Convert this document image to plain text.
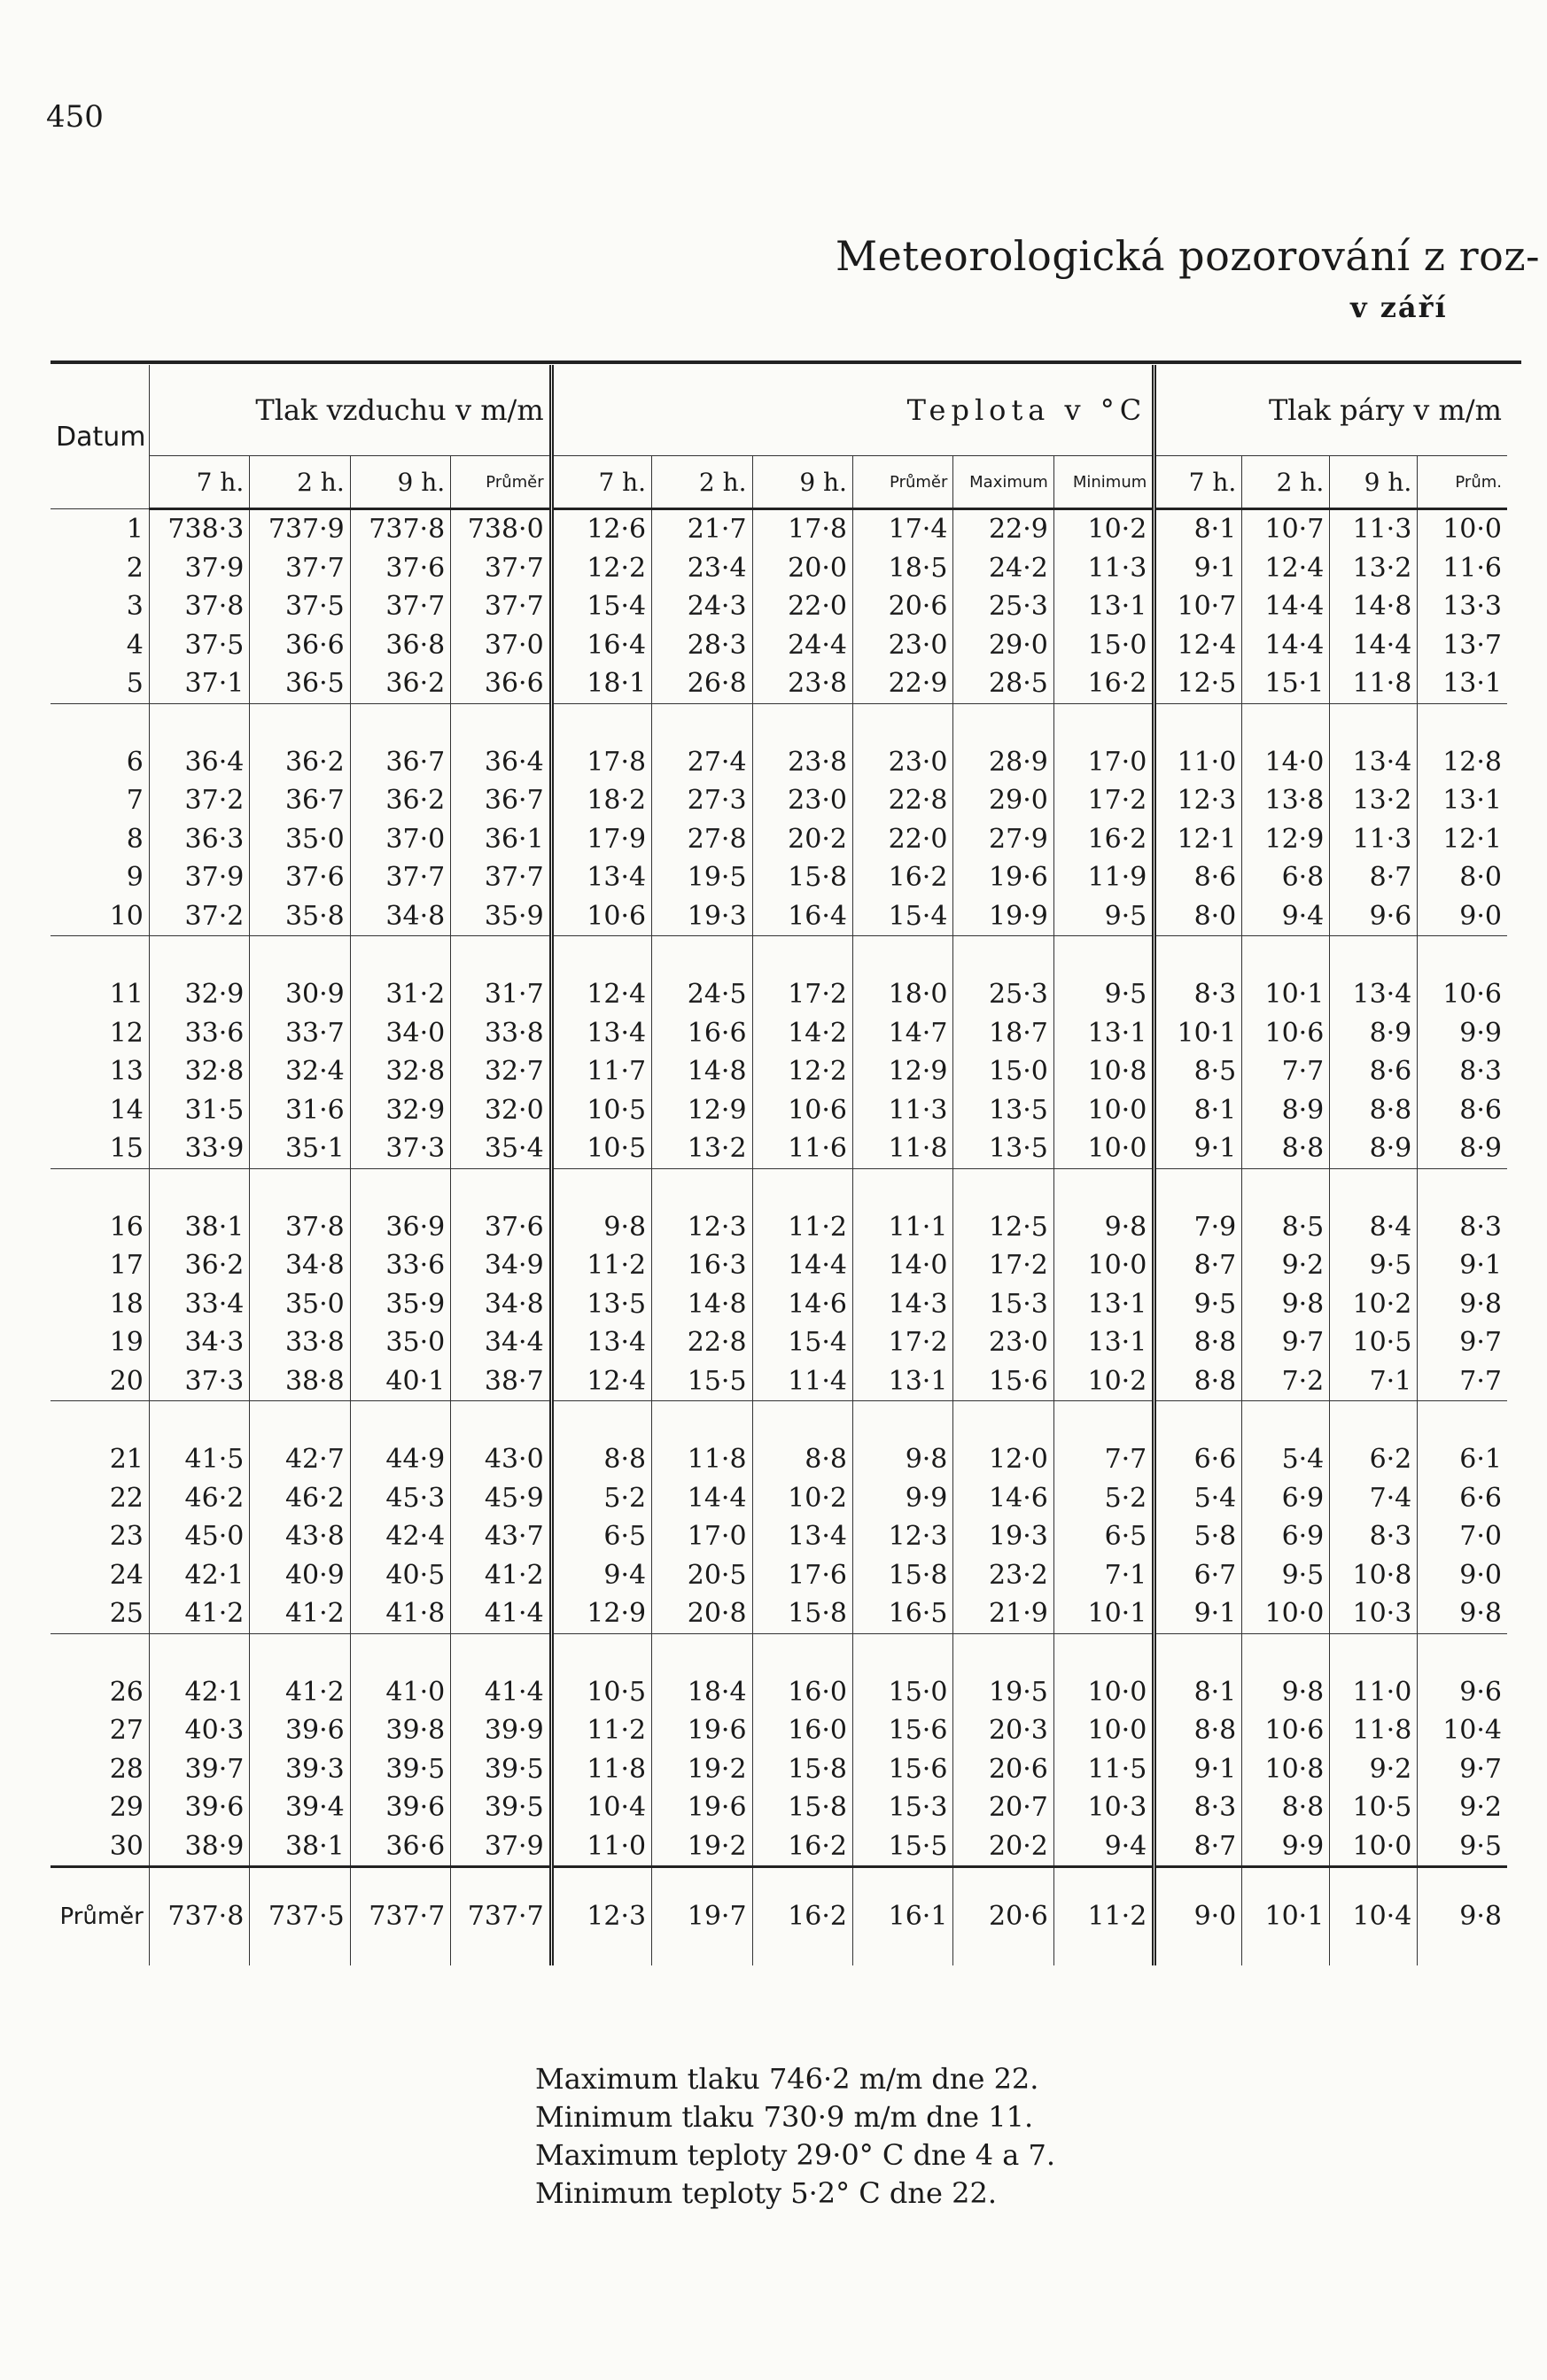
450
Meteorologická pozorování z roz-
v září
Datum	Tlak vzduchu v m/m				Teplota v °C						Tlak páry v m/m			
	7 h.	2 h.	9 h.	Průměr	7 h.	2 h.	9 h.	Průměr	Maximum	Minimum	7 h.	2 h.	9 h.	Prům.
1	738·3	737·9	737·8	738·0	12·6	21·7	17·8	17·4	22·9	10·2	8·1	10·7	11·3	10·0
2	37·9	37·7	37·6	37·7	12·2	23·4	20·0	18·5	24·2	11·3	9·1	12·4	13·2	11·6
3	37·8	37·5	37·7	37·7	15·4	24·3	22·0	20·6	25·3	13·1	10·7	14·4	14·8	13·3
4	37·5	36·6	36·8	37·0	16·4	28·3	24·4	23·0	29·0	15·0	12·4	14·4	14·4	13·7
5	37·1	36·5	36·2	36·6	18·1	26·8	23·8	22·9	28·5	16·2	12·5	15·1	11·8	13·1

6	36·4	36·2	36·7	36·4	17·8	27·4	23·8	23·0	28·9	17·0	11·0	14·0	13·4	12·8
7	37·2	36·7	36·2	36·7	18·2	27·3	23·0	22·8	29·0	17·2	12·3	13·8	13·2	13·1
8	36·3	35·0	37·0	36·1	17·9	27·8	20·2	22·0	27·9	16·2	12·1	12·9	11·3	12·1
9	37·9	37·6	37·7	37·7	13·4	19·5	15·8	16·2	19·6	11·9	8·6	6·8	8·7	8·0
10	37·2	35·8	34·8	35·9	10·6	19·3	16·4	15·4	19·9	9·5	8·0	9·4	9·6	9·0

11	32·9	30·9	31·2	31·7	12·4	24·5	17·2	18·0	25·3	9·5	8·3	10·1	13·4	10·6
12	33·6	33·7	34·0	33·8	13·4	16·6	14·2	14·7	18·7	13·1	10·1	10·6	8·9	9·9
13	32·8	32·4	32·8	32·7	11·7	14·8	12·2	12·9	15·0	10·8	8·5	7·7	8·6	8·3
14	31·5	31·6	32·9	32·0	10·5	12·9	10·6	11·3	13·5	10·0	8·1	8·9	8·8	8·6
15	33·9	35·1	37·3	35·4	10·5	13·2	11·6	11·8	13·5	10·0	9·1	8·8	8·9	8·9

16	38·1	37·8	36·9	37·6	9·8	12·3	11·2	11·1	12·5	9·8	7·9	8·5	8·4	8·3
17	36·2	34·8	33·6	34·9	11·2	16·3	14·4	14·0	17·2	10·0	8·7	9·2	9·5	9·1
18	33·4	35·0	35·9	34·8	13·5	14·8	14·6	14·3	15·3	13·1	9·5	9·8	10·2	9·8
19	34·3	33·8	35·0	34·4	13·4	22·8	15·4	17·2	23·0	13·1	8·8	9·7	10·5	9·7
20	37·3	38·8	40·1	38·7	12·4	15·5	11·4	13·1	15·6	10·2	8·8	7·2	7·1	7·7

21	41·5	42·7	44·9	43·0	8·8	11·8	8·8	9·8	12·0	7·7	6·6	5·4	6·2	6·1
22	46·2	46·2	45·3	45·9	5·2	14·4	10·2	9·9	14·6	5·2	5·4	6·9	7·4	6·6
23	45·0	43·8	42·4	43·7	6·5	17·0	13·4	12·3	19·3	6·5	5·8	6·9	8·3	7·0
24	42·1	40·9	40·5	41·2	9·4	20·5	17·6	15·8	23·2	7·1	6·7	9·5	10·8	9·0
25	41·2	41·2	41·8	41·4	12·9	20·8	15·8	16·5	21·9	10·1	9·1	10·0	10·3	9·8

26	42·1	41·2	41·0	41·4	10·5	18·4	16·0	15·0	19·5	10·0	8·1	9·8	11·0	9·6
27	40·3	39·6	39·8	39·9	11·2	19·6	16·0	15·6	20·3	10·0	8·8	10·6	11·8	10·4
28	39·7	39·3	39·5	39·5	11·8	19·2	15·8	15·6	20·6	11·5	9·1	10·8	9·2	9·7
29	39·6	39·4	39·6	39·5	10·4	19·6	15·8	15·3	20·7	10·3	8·3	8·8	10·5	9·2
30	38·9	38·1	36·6	37·9	11·0	19·2	16·2	15·5	20·2	9·4	8·7	9·9	10·0	9·5
Průměr	737·8	737·5	737·7	737·7	12·3	19·7	16·2	16·1	20·6	11·2	9·0	10·1	10·4	9·8
Maximum tlaku 746·2 m/m dne 22.
Minimum tlaku 730·9 m/m dne 11.
Maximum teploty 29·0° C dne 4 a 7.
Minimum teploty 5·2° C dne 22.
